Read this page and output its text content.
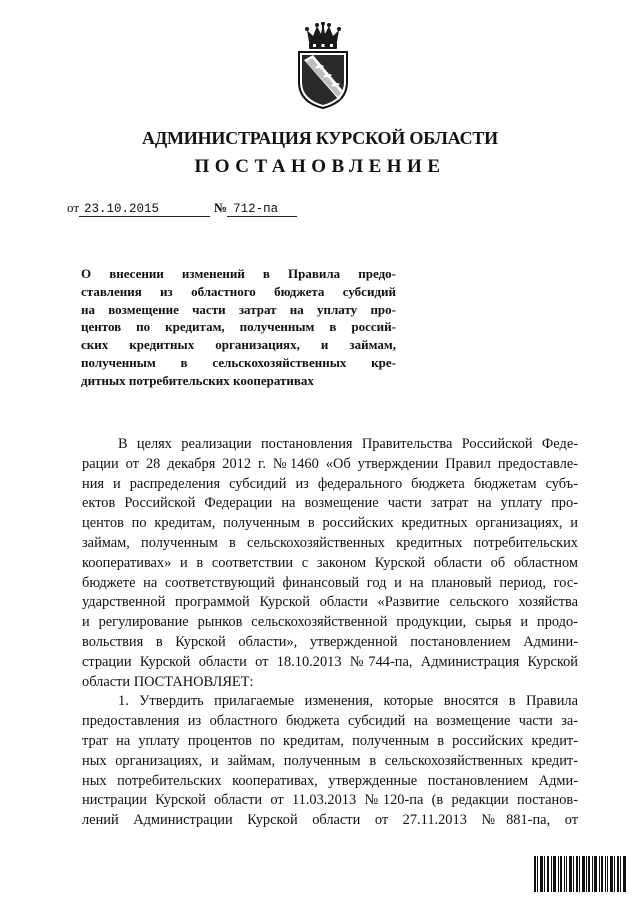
АДМИНИСТРАЦИЯ КУРСКОЙ ОБЛАСТИ
ПОСТАНОВЛЕНИЕ
от 23.10.2015	№ 712-па
О внесении изменений в Правила предо-
ставления из областного бюджета субсидий
на возмещение части затрат на уплату про-
центов по кредитам, полученным в россий-
ских кредитных организациях, и займам,
полученным в сельскохозяйственных кре-
дитных потребительских кооперативах
В целях реализации постановления Правительства Российской Феде-
рации от 28 декабря 2012 г. №1460 «Об утверждении Правил предоставле-
ния и распределения субсидий из федерального бюджета бюджетам субъ-
ектов Российской Федерации на возмещение части затрат на уплату про-
центов по кредитам, полученным в российских кредитных организациях, и
займам, полученным в сельскохозяйственных кредитных потребительских
кооперативах» и в соответствии с законом Курской области об областном
бюджете на соответствующий финансовый год и на плановый период, гос-
ударственной программой Курской области «Развитие сельского хозяйства
и регулирование рынков сельскохозяйственной продукции, сырья и продо-
вольствия в Курской области», утвержденной постановлением Админи-
страции Курской области от 18.10.2013 №744-па, Администрация Курской
области ПОСТАНОВЛЯЕТ:
1. Утвердить прилагаемые изменения, которые вносятся в Правила
предоставления из областного бюджета субсидий на возмещение части за-
трат на уплату процентов по кредитам, полученным в российских кредит-
ных организациях, и займам, полученным в сельскохозяйственных кредит-
ных потребительских кооперативах, утвержденные постановлением Адми-
нистрации Курской области от 11.03.2013 №120-па (в редакции постанов-
лений Администрации Курской области от 27.11.2013 №881-па, от
